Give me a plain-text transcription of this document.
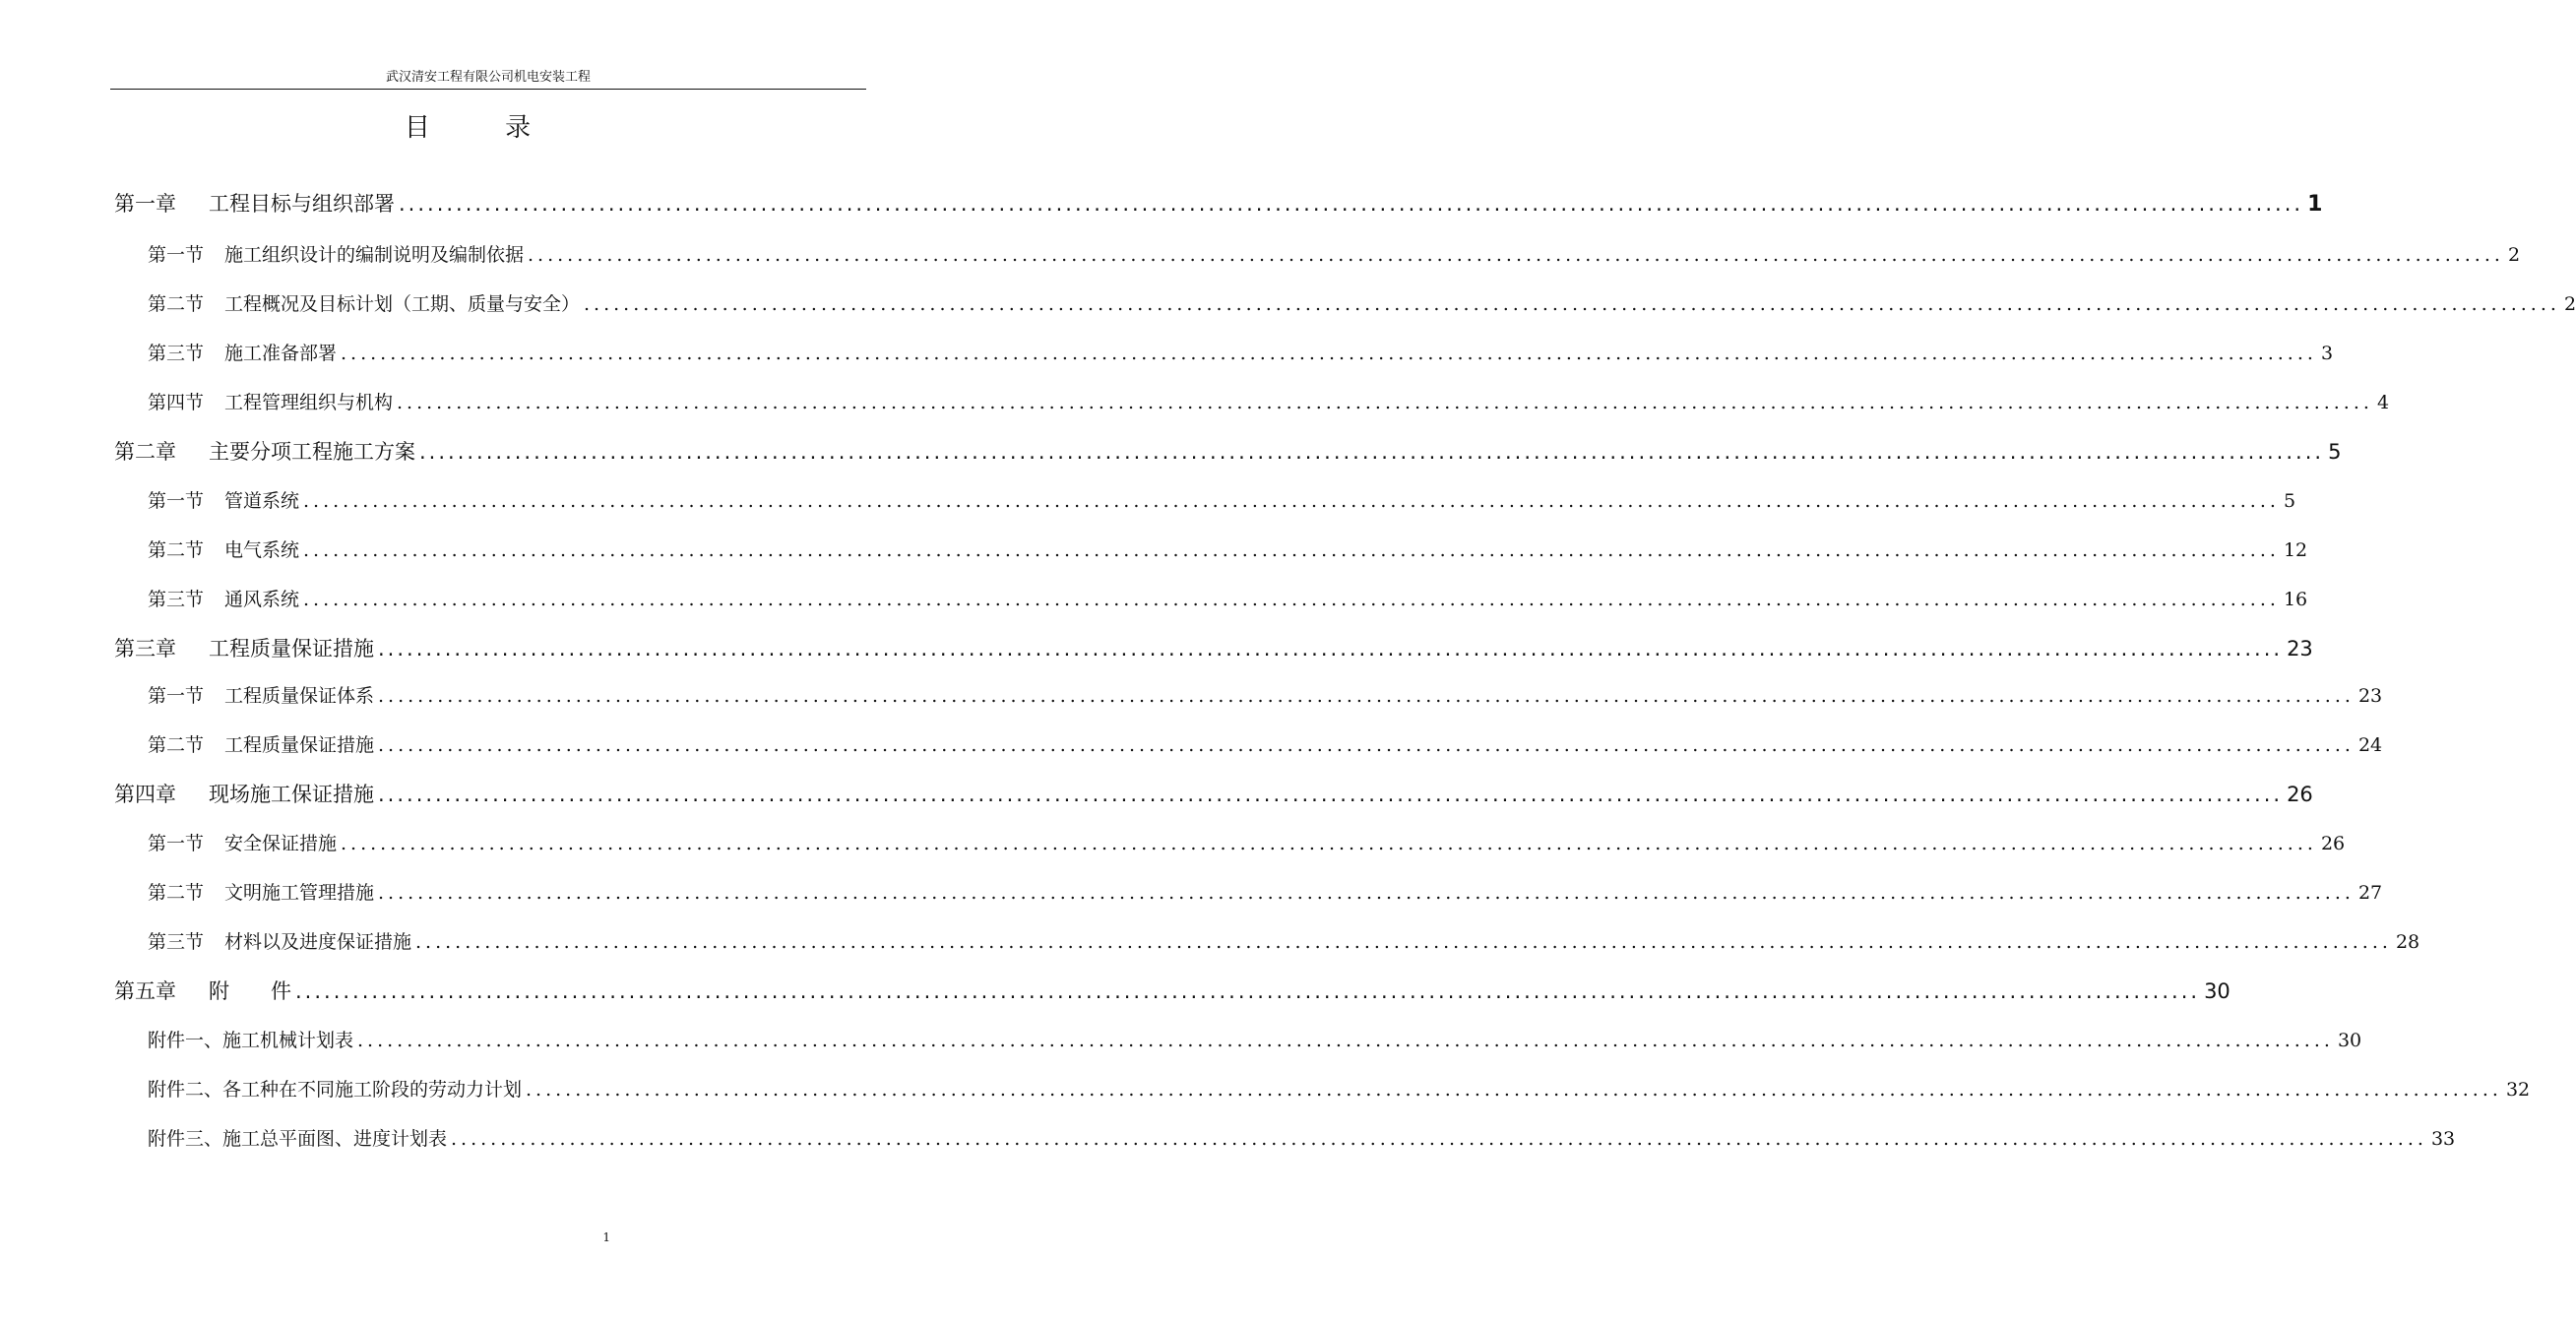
武汉清安工程有限公司机电安装工程
目	录
第一章 工程目标与组织部署 ........................................................................................................................................................................................................ 1
第一节 施工组织设计的编制说明及编制依据 ........................................................................................................................................................................................................ 2
第二节 工程概况及目标计划（工期、质量与安全） ........................................................................................................................................................................................................ 2
第三节 施工准备部署 ........................................................................................................................................................................................................ 3
第四节 工程管理组织与机构 ........................................................................................................................................................................................................ 4
第二章 主要分项工程施工方案 ........................................................................................................................................................................................................ 5
第一节 管道系统 ........................................................................................................................................................................................................ 5
第二节 电气系统 ........................................................................................................................................................................................................ 12
第三节 通风系统 ........................................................................................................................................................................................................ 16
第三章 工程质量保证措施 ........................................................................................................................................................................................................ 23
第一节 工程质量保证体系 ........................................................................................................................................................................................................ 23
第二节 工程质量保证措施 ........................................................................................................................................................................................................ 24
第四章 现场施工保证措施 ........................................................................................................................................................................................................ 26
第一节 安全保证措施 ........................................................................................................................................................................................................ 26
第二节 文明施工管理措施 ........................................................................................................................................................................................................ 27
第三节 材料以及进度保证措施 ........................................................................................................................................................................................................ 28
第五章 附　　件 ........................................................................................................................................................................................................ 30
附件一、施工机械计划表 ........................................................................................................................................................................................................ 30
附件二、各工种在不同施工阶段的劳动力计划 ........................................................................................................................................................................................................ 32
附件三、施工总平面图、进度计划表 ........................................................................................................................................................................................................ 33
1
